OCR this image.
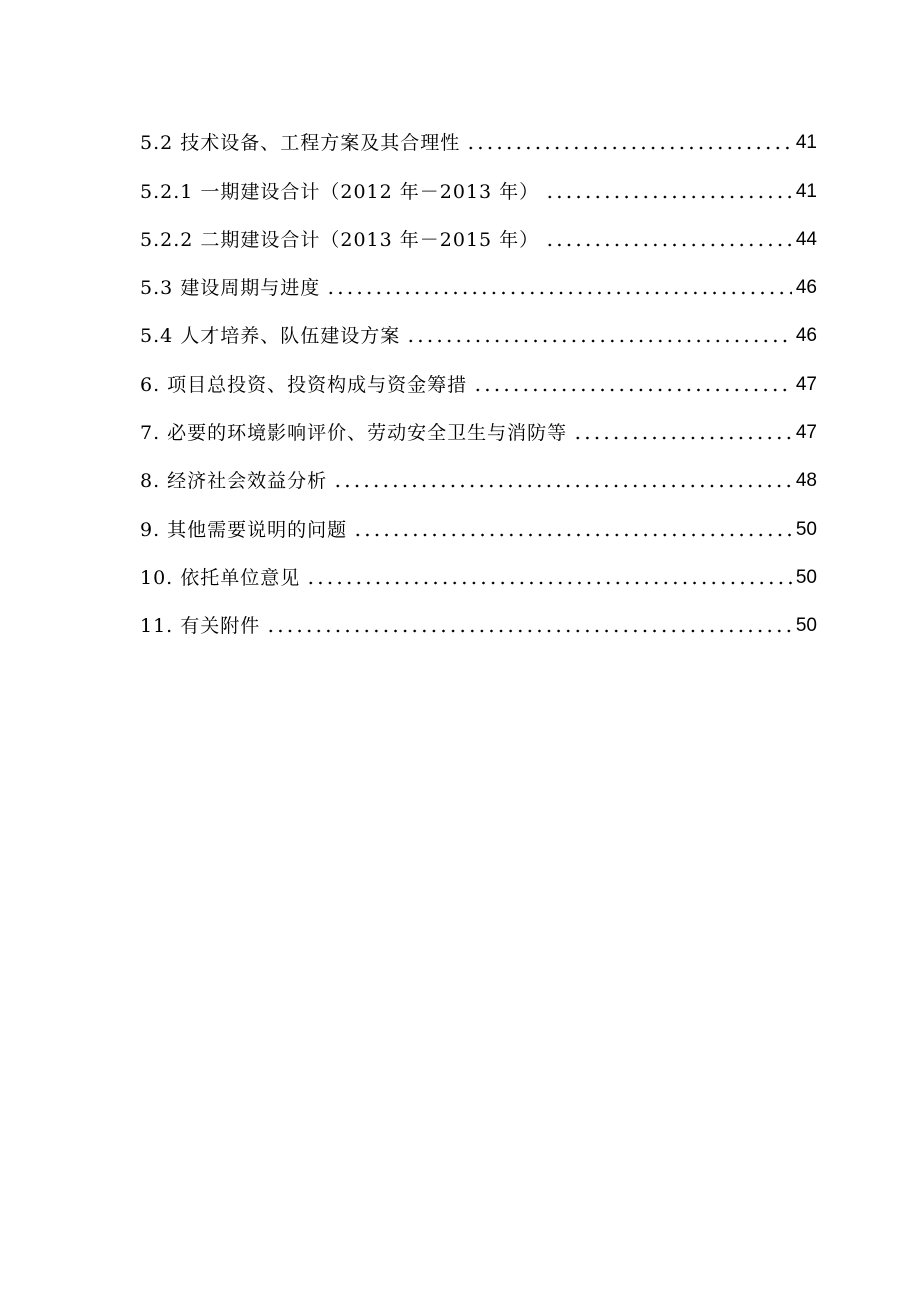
5.2 技术设备、工程方案及其合理性	41
5.2.1 一期建设合计（2012 年－2013 年）	41
5.2.2 二期建设合计（2013 年－2015 年）	44
5.3 建设周期与进度	46
5.4 人才培养、队伍建设方案	46
6. 项目总投资、投资构成与资金筹措	47
7. 必要的环境影响评价、劳动安全卫生与消防等	47
8. 经济社会效益分析	48
9. 其他需要说明的问题	50
10. 依托单位意见	50
11. 有关附件	50
